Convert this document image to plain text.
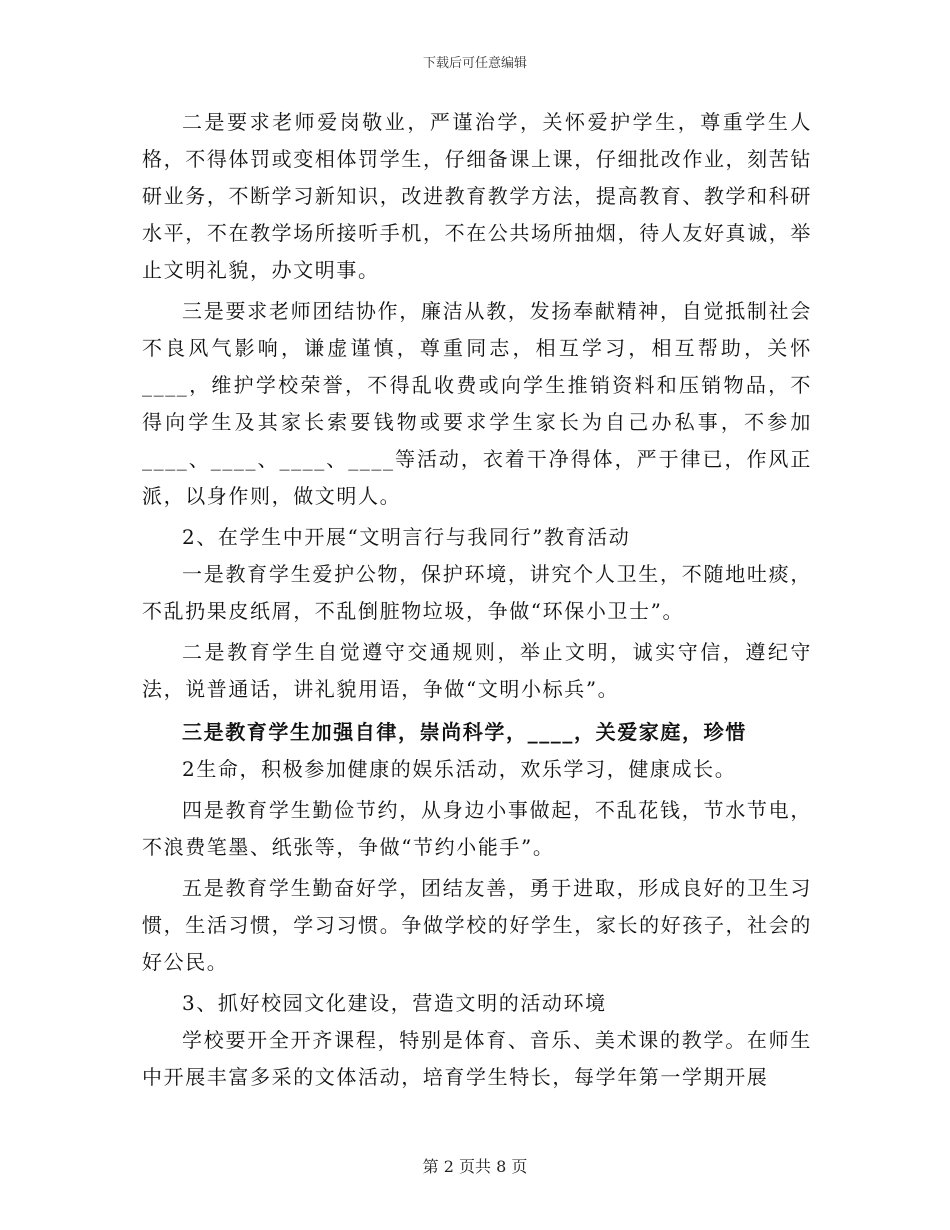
下载后可任意编辑

二是要求老师爱岗敬业，严谨治学，关怀爱护学生，尊重学生人格，不得体罚或变相体罚学生，仔细备课上课，仔细批改作业，刻苦钻研业务，不断学习新知识，改进教育教学方法，提高教育、教学和科研水平，不在教学场所接听手机，不在公共场所抽烟，待人友好真诚，举止文明礼貌，办文明事。

三是要求老师团结协作，廉洁从教，发扬奉献精神，自觉抵制社会不良风气影响，谦虚谨慎，尊重同志，相互学习，相互帮助，关怀____，维护学校荣誉，不得乱收费或向学生推销资料和压销物品，不得向学生及其家长索要钱物或要求学生家长为自己办私事，不参加____、____、____、____等活动，衣着干净得体，严于律已，作风正派，以身作则，做文明人。

2、在学生中开展“文明言行与我同行”教育活动

一是教育学生爱护公物，保护环境，讲究个人卫生，不随地吐痰，不乱扔果皮纸屑，不乱倒脏物垃圾，争做“环保小卫士”。

二是教育学生自觉遵守交通规则，举止文明，诚实守信，遵纪守法，说普通话，讲礼貌用语，争做“文明小标兵”。

三是教育学生加强自律，崇尚科学，____，关爱家庭，珍惜

2生命，积极参加健康的娱乐活动，欢乐学习，健康成长。

四是教育学生勤俭节约，从身边小事做起，不乱花钱，节水节电，不浪费笔墨、纸张等，争做“节约小能手”。

五是教育学生勤奋好学，团结友善，勇于进取，形成良好的卫生习惯，生活习惯，学习习惯。争做学校的好学生，家长的好孩子，社会的好公民。

3、抓好校园文化建设，营造文明的活动环境

学校要开全开齐课程，特别是体育、音乐、美术课的教学。在师生中开展丰富多采的文体活动，培育学生特长，每学年第一学期开展

第 2 页共 8 页
